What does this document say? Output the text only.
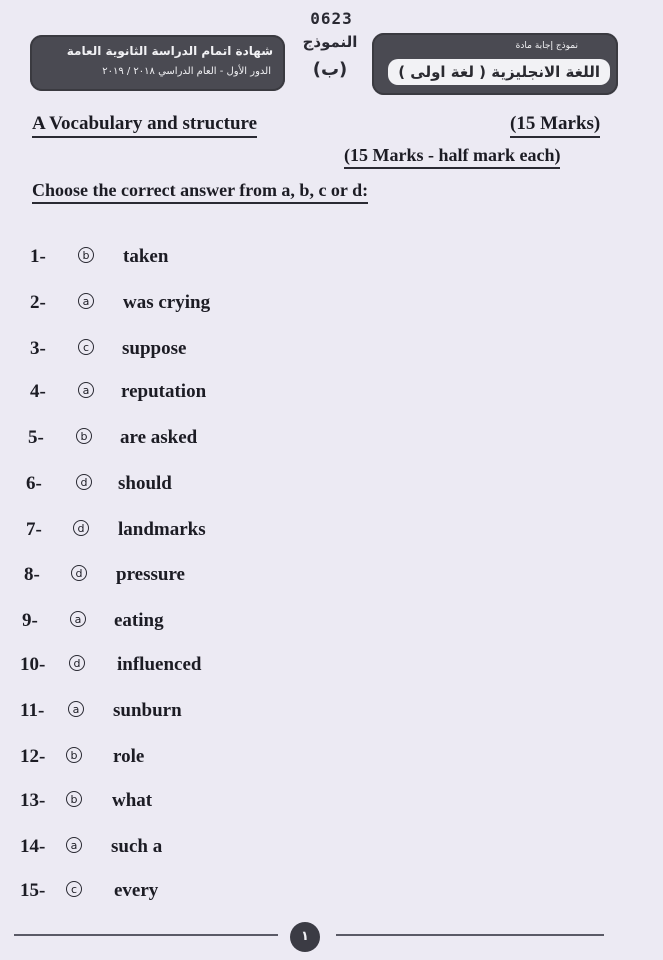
0623
شهادة اتمام الدراسة الثانوية العامة
الدور الأول - العام الدراسي ٢٠١٨ / ٢٠١٩
النموذج
(ب)
نموذج إجابة مادة
اللغة الانجليزية ( لغة اولى )
A Vocabulary and structure	(15 Marks)
(15 Marks - half mark each)
Choose the correct answer from a, b, c or d:
1-	b taken
2-	a was crying
3-	c suppose
4-	a reputation
5-	b are asked
6-	d should
7-	d landmarks
8-	d pressure
9-	a eating
10-	d influenced
11-	a sunburn
12-	b role
13-	b what
14-	a such a
15-	c every
١
